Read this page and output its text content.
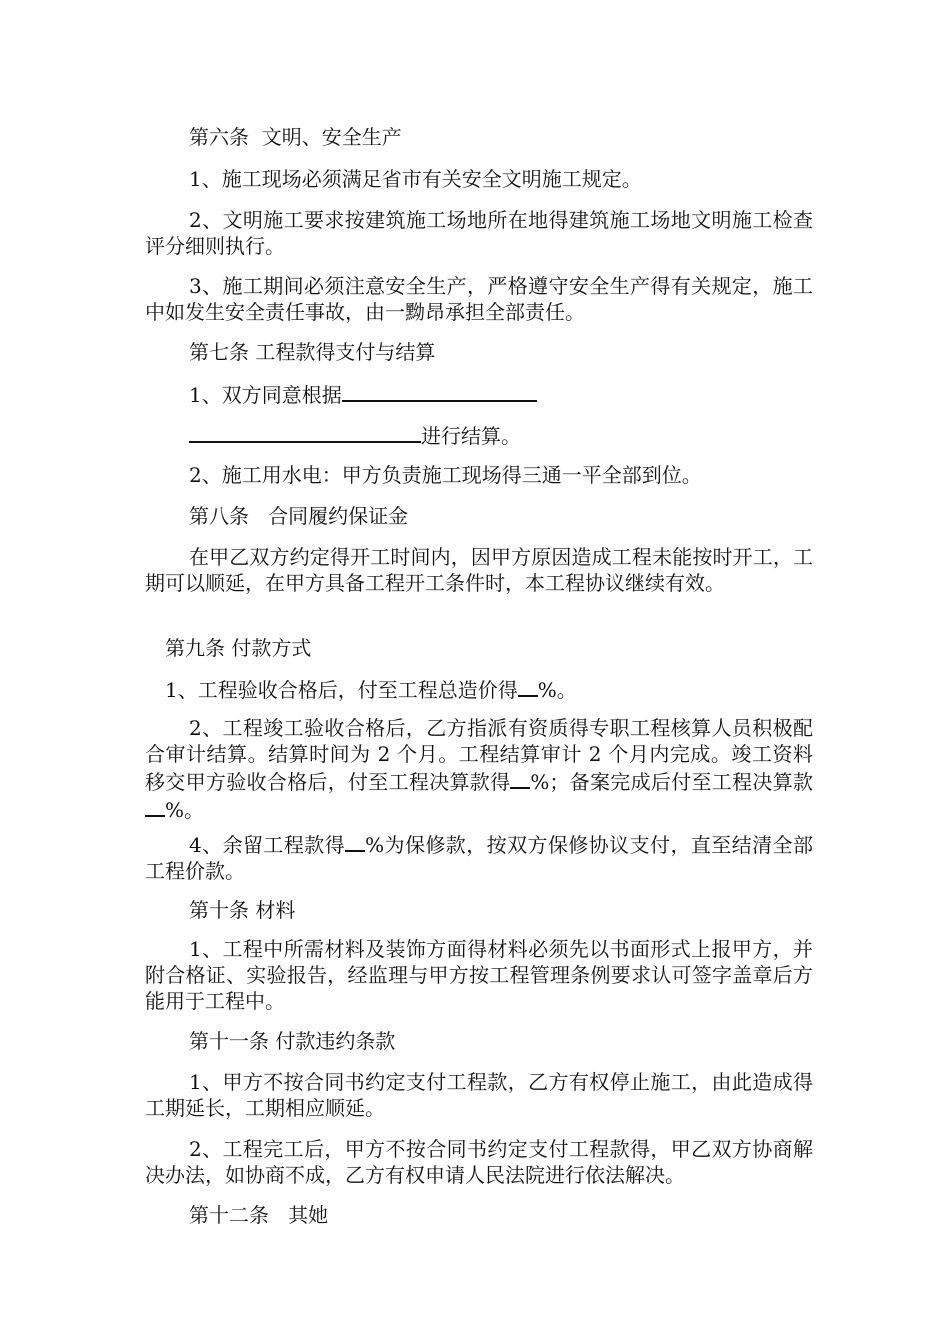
第六条  文明、安全生产

1、施工现场必须满足省市有关安全文明施工规定。

2、文明施工要求按建筑施工场地所在地得建筑施工场地文明施工检查评分细则执行。

3、施工期间必须注意安全生产，严格遵守安全生产得有关规定，施工中如发生安全责任事故，由一黝昂承担全部责任。

第七条 工程款得支付与结算

1、双方同意根据

进行结算。

2、施工用水电：甲方负责施工现场得三通一平全部到位。

第八条   合同履约保证金

在甲乙双方约定得开工时间内，因甲方原因造成工程未能按时开工，工期可以顺延，在甲方具备工程开工条件时，本工程协议继续有效。

第九条 付款方式

1、工程验收合格后，付至工程总造价得 %。

2、工程竣工验收合格后，乙方指派有资质得专职工程核算人员积极配合审计结算。结算时间为 2 个月。工程结算审计 2 个月内完成。竣工资料移交甲方验收合格后，付至工程决算款得 %；备案完成后付至工程决算款%。

4、余留工程款得 %为保修款，按双方保修协议支付，直至结清全部工程价款。

第十条 材料

1、工程中所需材料及装饰方面得材料必须先以书面形式上报甲方，并附合格证、实验报告，经监理与甲方按工程管理条例要求认可签字盖章后方能用于工程中。

第十一条 付款违约条款

1、甲方不按合同书约定支付工程款，乙方有权停止施工，由此造成得工期延长，工期相应顺延。

2、工程完工后，甲方不按合同书约定支付工程款得，甲乙双方协商解决办法，如协商不成，乙方有权申请人民法院进行依法解决。

第十二条   其她
